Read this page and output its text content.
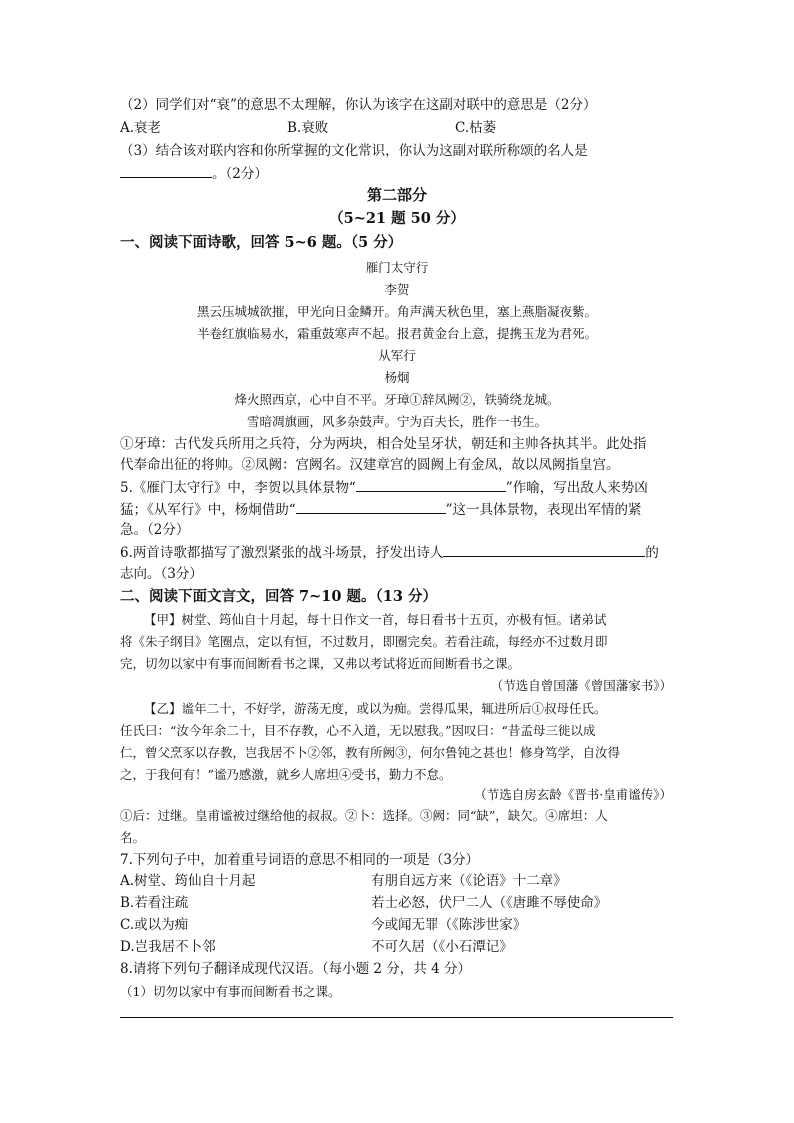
（2）同学们对“衰”的意思不太理解，你认为该字在这副对联中的意思是（2分）
A.衰老	B.衰败	C.枯萎
（3）结合该对联内容和你所掌握的文化常识，你认为这副对联所称颂的名人是
。（2分）
第二部分
（5~21 题 50 分）
一、阅读下面诗歌，回答 5~6 题。（5 分）
雁门太守行
李贺
黑云压城城欲摧，甲光向日金鳞开。角声满天秋色里，塞上燕脂凝夜紫。
半卷红旗临易水，霜重鼓寒声不起。报君黄金台上意，提携玉龙为君死。
从军行
杨炯
烽火照西京，心中自不平。牙璋①辞凤阙②，铁骑绕龙城。
雪暗凋旗画，风多杂鼓声。宁为百夫长，胜作一书生。
①牙璋：古代发兵所用之兵符，分为两块，相合处呈牙状，朝廷和主帅各执其半。此处指
代奉命出征的将帅。②凤阙：宫阙名。汉建章宫的圆阙上有金凤，故以凤阙指皇宫。
5.《雁门太守行》中，李贺以具体景物“	”作喻，写出敌人来势凶
猛；《从军行》中，杨炯借助“	”这一具体景物，表现出军情的紧
急。（2分）
6.两首诗歌都描写了激烈紧张的战斗场景，抒发出诗人	的
志向。（3分）
二、阅读下面文言文，回答 7~10 题。（13 分）
【甲】树堂、筠仙自十月起，每十日作文一首，每日看书十五页，亦极有恒。诸弟试
将《朱子纲目》笔圈点，定以有恒，不过数月，即圈完矣。若看注疏，每经亦不过数月即
完，切勿以家中有事而间断看书之课，又弗以考试将近而间断看书之课。
（节选自曾国藩《曾国藩家书》）
【乙】谧年二十，不好学，游荡无度，或以为痴。尝得瓜果，辄进所后①叔母任氏。
任氏曰：“汝今年余二十，目不存教，心不入道，无以慰我。”因叹曰：“昔孟母三徙以成
仁，曾父烹豕以存教，岂我居不卜②邻，教有所阙③，何尔鲁钝之甚也！修身笃学，自汝得
之，于我何有！”谧乃感激，就乡人席坦④受书，勤力不怠。
（节选自房玄龄《晋书·皇甫谧传》）
①后：过继。皇甫谧被过继给他的叔叔。②卜：选择。③阙：同“缺”，缺欠。④席坦：人
名。
7.下列句子中，加着重号词语的意思不相同的一项是（3分）
A.树堂、筠仙自十月起	有朋自远方来（《论语》十二章》
B.若看注疏	若士必怒，伏尸二人（《唐雎不辱使命》
C.或以为痴	今或闻无罪（《陈涉世家》
D.岂我居不卜邻	不可久居（《小石潭记》
8.请将下列句子翻译成现代汉语。（每小题 2 分，共 4 分）
（1）切勿以家中有事而间断看书之课。
